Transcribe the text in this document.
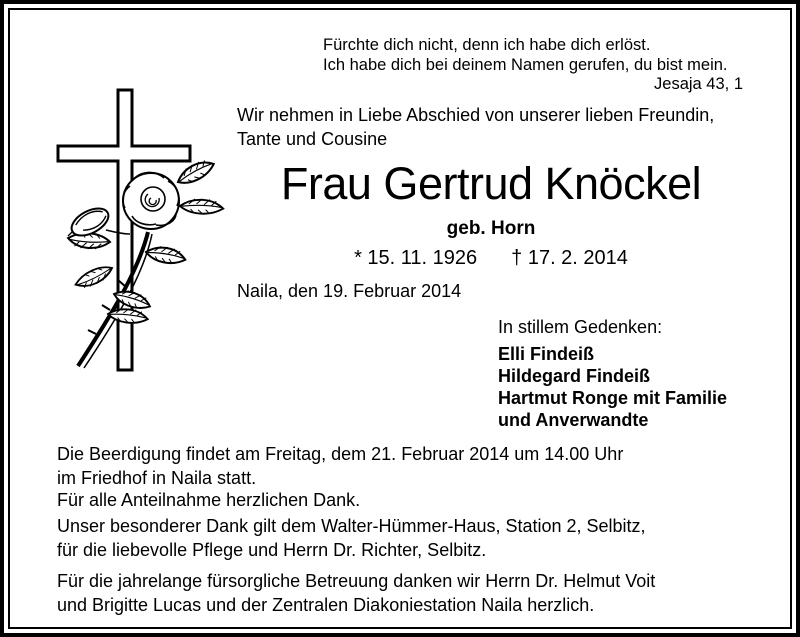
Fürchte dich nicht, denn ich habe dich erlöst.
Ich habe dich bei deinem Namen gerufen, du bist mein.
Jesaja 43, 1
Wir nehmen in Liebe Abschied von unserer lieben Freundin,
Tante und Cousine
Frau Gertrud Knöckel
geb. Horn
* 15. 11. 1926 † 17. 2. 2014
Naila, den 19. Februar 2014
In stillem Gedenken:
Elli Findeiß
Hildegard Findeiß
Hartmut Ronge mit Familie
und Anverwandte
Die Beerdigung findet am Freitag, dem 21. Februar 2014 um 14.00 Uhr
im Friedhof in Naila statt.
Für alle Anteilnahme herzlichen Dank.
Unser besonderer Dank gilt dem Walter-Hümmer-Haus, Station 2, Selbitz,
für die liebevolle Pflege und Herrn Dr. Richter, Selbitz.
Für die jahrelange fürsorgliche Betreuung danken wir Herrn Dr. Helmut Voit
und Brigitte Lucas und der Zentralen Diakoniestation Naila herzlich.
